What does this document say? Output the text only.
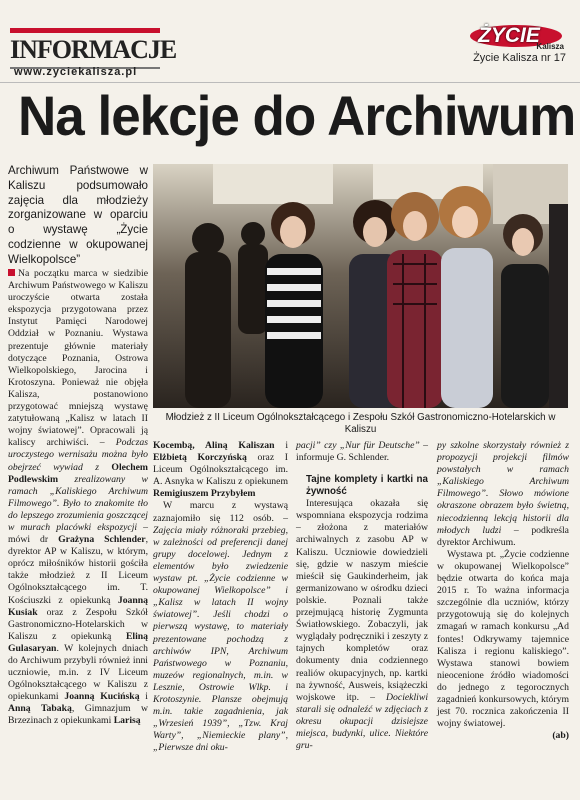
INFORMACJE
www.zyciekalisza.pl
ŻYCIE
Kalisza
Życie Kalisza nr 17
Na lekcje do Archiwum
Archiwum Państwowe w Kaliszu podsumowało zajęcia dla młodzieży zorganizowane w oparciu o wystawę „Życie codzienne w okupowanej Wielkopolsce”
Młodzież z II Liceum Ogólnokształcącego i Zespołu Szkół Gastronomiczno-Hotelarskich w Kaliszu

Na początku marca w siedzibie Archiwum Państwowego w Kaliszu uroczyście otwarta została ekspozycja przygotowana przez Instytut Pamięci Narodowej Oddział w Poznaniu. Wystawa prezentuje głównie materiały dotyczące Poznania, Ostrowa Wielkopolskiego, Jarocina i Krotoszyna. Ponieważ nie objęła Kalisza, postanowiono przygotować mniejszą wystawę zatytułowaną „Kalisz w latach II wojny światowej”. Opracowali ją kaliscy archiwiści. – Podczas uroczystego wernisażu można było obejrzeć wywiad z Olechem Podlewskim zrealizowany w ramach „Kaliskiego Archiwum Filmowego”. Było to znakomite tło do lepszego zrozumienia goszczącej w murach placówki ekspozycji – mówi dr Grażyna Schlender, dyrektor AP w Kaliszu, w którym, oprócz miłośników historii gościła także młodzież z II Liceum Ogólnokształcącego im. T. Kościuszki z opiekunką Joanną Kusiak oraz z Zespołu Szkół Gastronomiczno-Hotelarskich w Kaliszu z opiekunką Eliną Gulasaryan. W kolejnych dniach do Archiwum przybyli również inni uczniowie, m.in. z IV Liceum Ogólnokształcącego w Kaliszu z opiekunkami Joanną Kucińską i Anną Tabaką, Gimnazjum w Brzezinach z opiekunkami Larisą

Kocembą, Aliną Kaliszan i Elżbietą Korczyńską oraz I Liceum Ogólnokształcącego im. A. Asnyka w Kaliszu z opiekunem Remigiuszem Przybyłem

W marcu z wystawą zaznajomiło się 112 osób. – Zajęcia miały różnoraki przebieg, w zależności od preferencji danej grupy docelowej. Jednym z elementów było zwiedzenie wystaw pt. „Życie codzienne w okupowanej Wielkopolsce” i „Kalisz w latach II wojny światowej”. Jeśli chodzi o pierwszą wystawę, to materiały prezentowane pochodzą z archiwów IPN, Archiwum Państwowego w Poznaniu, muzeów regionalnych, m.in. w Lesznie, Ostrowie Wlkp. i Krotoszynie. Plansze obejmują m.in. takie zagadnienia, jak „Wrzesień 1939”, „Tzw. Kraj Warty”, „Niemieckie plany”, „Pierwsze dni oku-

pacji” czy „Nur für Deutsche” – informuje G. Schlender.

Tajne komplety i kartki na żywność

Interesująca okazała się wspomniana ekspozycja rodzima – złożona z materiałów archiwalnych z zasobu AP w Kaliszu. Uczniowie dowiedzieli się, gdzie w naszym mieście mieścił się Gaukinderheim, jak germanizowano w ośrodku dzieci polskie. Poznali także przejmującą historię Zygmunta Światłowskiego. Zobaczyli, jak wyglądały podręczniki i zeszyty z tajnych kompletów oraz dokumenty dnia codziennego realiów okupacyjnych, np. kartki na żywność, Ausweis, książeczki wojskowe itp. – Dociekliwi starali się odnaleźć w zdjęciach z okresu okupacji dzisiejsze miejsca, budynki, ulice. Niektóre gru-

py szkolne skorzystały również z propozycji projekcji filmów powstałych w ramach „Kaliskiego Archiwum Filmowego”. Słowo mówione okraszone obrazem było świetną, niecodzienną lekcją historii dla młodych ludzi – podkreśla dyrektor Archiwum.

Wystawa pt. „Życie codzienne w okupowanej Wielkopolsce” będzie otwarta do końca maja 2015 r. To ważna informacja szczególnie dla uczniów, którzy przygotowują się do kolejnych zmagań w ramach konkursu „Ad fontes! Odkrywamy tajemnice Kalisza i regionu kaliskiego”. Wystawa stanowi bowiem nieocenione źródło wiadomości do jednego z tegorocznych zagadnień konkursowych, którym jest 70. rocznica zakończenia II wojny światowej.

(ab)
